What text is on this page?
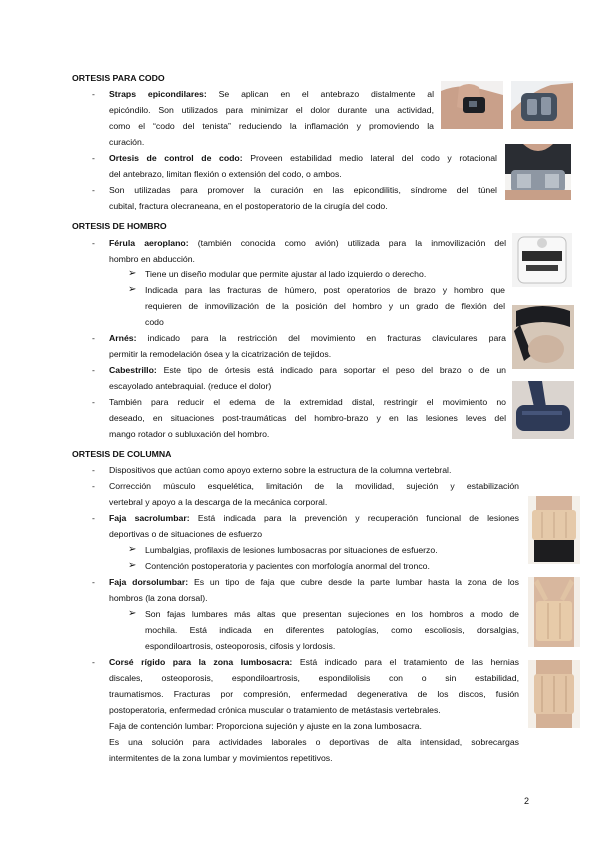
ORTESIS PARA CODO
- Straps epicondilares: Se aplican en el antebrazo distalmente al
epicóndilo. Son utilizados para minimizar el dolor durante una actividad,
como el “codo del tenista” reduciendo la inflamación y promoviendo la
curación.
- Ortesis de control de codo: Proveen estabilidad medio lateral del codo y rotacional
del antebrazo, limitan flexión o extensión del codo, o ambos.
- Son utilizadas para promover la curación en las epicondilitis, síndrome del túnel
cubital, fractura olecraneana, en el postoperatorio de la cirugía del codo.
ORTESIS DE HOMBRO
- Férula aeroplano: (también conocida como avión) utilizada para la inmovilización del
hombro en abducción.
➢ Tiene un diseño modular que permite ajustar al lado izquierdo o derecho.
➢ Indicada para las fracturas de húmero, post operatorios de brazo y hombro que
requieren de inmovilización de la posición del hombro y un grado de flexión del
codo
- Arnés: indicado para la restricción del movimiento en fracturas claviculares para
permitir la remodelación ósea y la cicatrización de tejidos.
- Cabestrillo: Este tipo de órtesis está indicado para soportar el peso del brazo o de un
escayolado antebraquial. (reduce el dolor)
- También para reducir el edema de la extremidad distal, restringir el movimiento no
deseado, en situaciones post-traumáticas del hombro-brazo y en las lesiones leves del
mango rotador o subluxación del hombro.
ORTESIS DE COLUMNA
- Dispositivos que actúan como apoyo externo sobre la estructura de la columna vertebral.
- Corrección músculo esquelética, limitación de la movilidad, sujeción y estabilización
vertebral y apoyo a la descarga de la mecánica corporal.
- Faja sacrolumbar: Está indicada para la prevención y recuperación funcional de lesiones
deportivas o de situaciones de esfuerzo
➢ Lumbalgias, profilaxis de lesiones lumbosacras por situaciones de esfuerzo.
➢ Contención postoperatoria y pacientes con morfología anormal del tronco.
- Faja dorsolumbar: Es un tipo de faja que cubre desde la parte lumbar hasta la zona de los
hombros (la zona dorsal).
➢ Son fajas lumbares más altas que presentan sujeciones en los hombros a modo de
mochila. Está indicada en diferentes patologías, como escoliosis, dorsalgias,
espondiloartrosis, osteoporosis, cifosis y lordosis.
- Corsé rígido para la zona lumbosacra: Está indicado para el tratamiento de las hernias
discales, osteoporosis, espondiloartrosis, espondilolisis con o sin estabilidad,
traumatismos. Fracturas por compresión, enfermedad degenerativa de los discos, fusión
postoperatoria, enfermedad crónica muscular o tratamiento de metástasis vertebrales.
Faja de contención lumbar: Proporciona sujeción y ajuste en la zona lumbosacra.
Es una solución para actividades laborales o deportivas de alta intensidad, sobrecargas
intermitentes de la zona lumbar y movimientos repetitivos.
2
